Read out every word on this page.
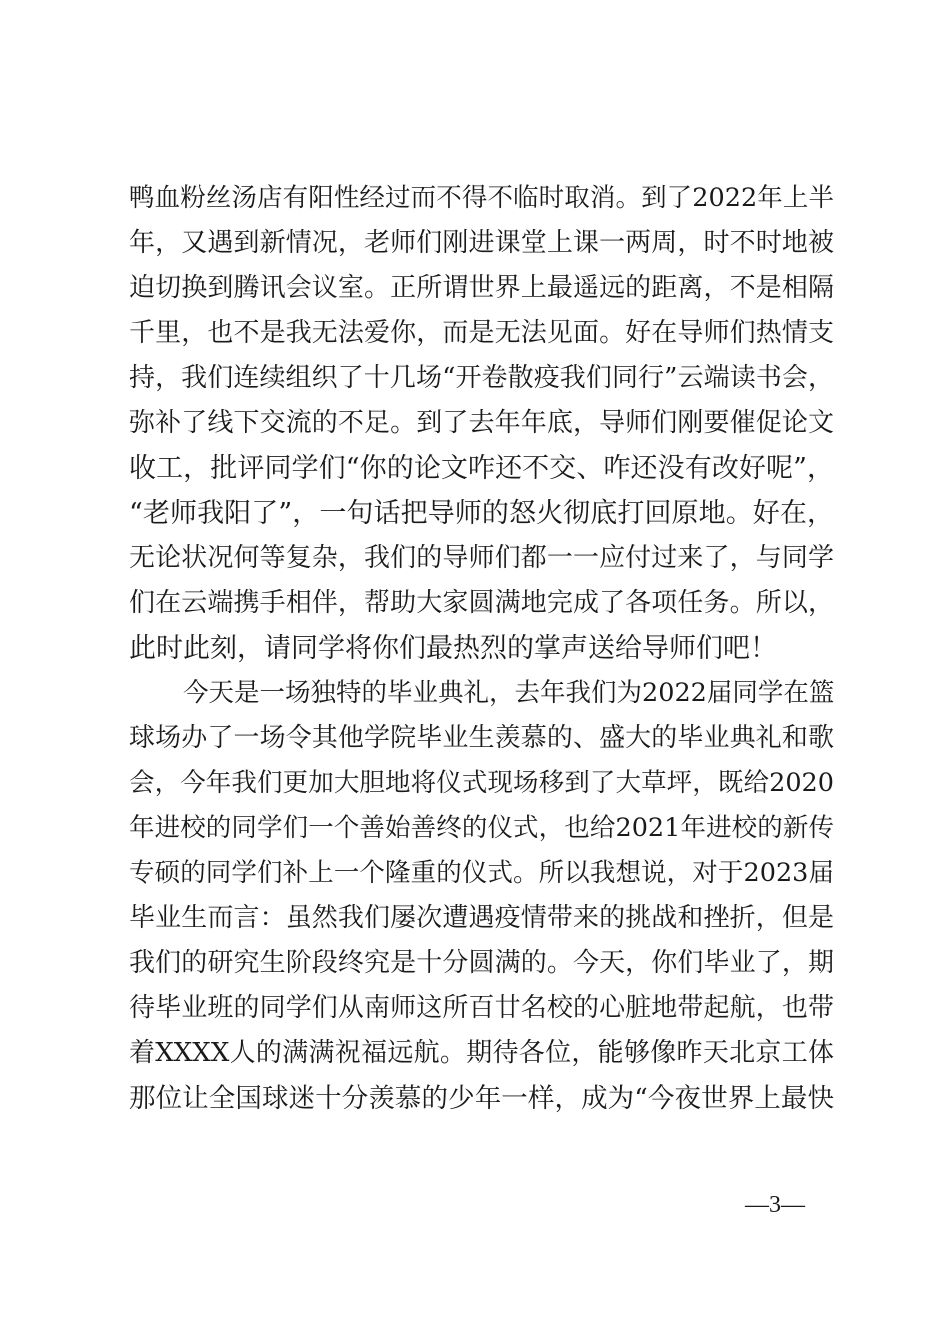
鸭血粉丝汤店有阳性经过而不得不临时取消。到了2022年上半
年，又遇到新情况，老师们刚进课堂上课一两周，时不时地被
迫切换到腾讯会议室。正所谓世界上最遥远的距离，不是相隔
千里，也不是我无法爱你，而是无法见面。好在导师们热情支
持，我们连续组织了十几场“开卷散疫我们同行”云端读书会，
弥补了线下交流的不足。到了去年年底，导师们刚要催促论文
收工，批评同学们“你的论文咋还不交、咋还没有改好呢”，
“老师我阳了”，一句话把导师的怒火彻底打回原地。好在，
无论状况何等复杂，我们的导师们都一一应付过来了，与同学
们在云端携手相伴，帮助大家圆满地完成了各项任务。所以，
此时此刻，请同学将你们最热烈的掌声送给导师们吧！
今天是一场独特的毕业典礼，去年我们为2022届同学在篮
球场办了一场令其他学院毕业生羡慕的、盛大的毕业典礼和歌
会，今年我们更加大胆地将仪式现场移到了大草坪，既给2020
年进校的同学们一个善始善终的仪式，也给2021年进校的新传
专硕的同学们补上一个隆重的仪式。所以我想说，对于2023届
毕业生而言：虽然我们屡次遭遇疫情带来的挑战和挫折，但是
我们的研究生阶段终究是十分圆满的。今天，你们毕业了，期
待毕业班的同学们从南师这所百廿名校的心脏地带起航，也带
着XXXX人的满满祝福远航。期待各位，能够像昨天北京工体
那位让全国球迷十分羡慕的少年一样，成为“今夜世界上最快
—3—
